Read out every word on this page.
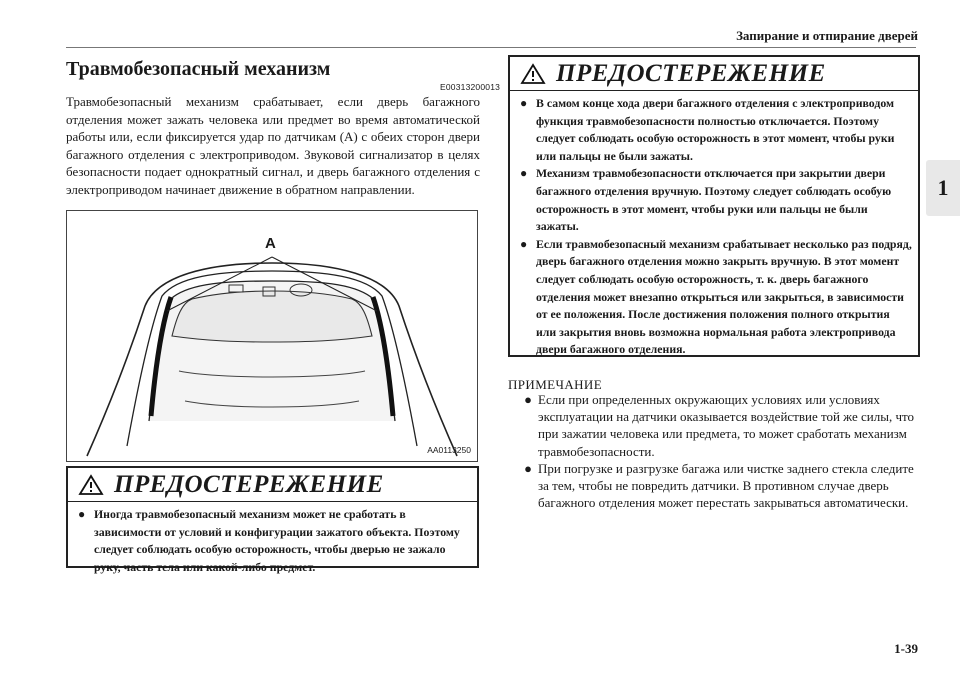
Запирание и отпирание дверей
1
Травмобезопасный механизм
E00313200013
Травмобезопасный механизм срабатывает, если дверь багажного отделения может зажать человека или предмет во время автоматической работы или, если фиксируется удар по датчикам (A) с обеих сторон двери багажного отделения с электроприводом. Звуковой сигнализатор в целях безопасности подает однократный сигнал, и дверь багажного отделения с электроприводом начинает движение в обратном направлении.
A
AA0113250
ПРЕДОСТЕРЕЖЕНИЕ
● Иногда травмобезопасный механизм может не сработать в зависимости от условий и конфигурации зажатого объекта. Поэтому следует соблюдать особую осторожность, чтобы дверью не зажало руку, часть тела или какой-либо предмет.
ПРЕДОСТЕРЕЖЕНИЕ
● В самом конце хода двери багажного отделения с электроприводом функция травмобезопасности полностью отключается. Поэтому следует соблюдать особую осторожность в этот момент, чтобы руки или пальцы не были зажаты.
● Механизм травмобезопасности отключается при закрытии двери багажного отделения вручную. Поэтому следует соблюдать особую осторожность в этот момент, чтобы руки или пальцы не были зажаты.
● Если травмобезопасный механизм срабатывает несколько раз подряд, дверь багажного отделения можно закрыть вручную. В этот момент следует соблюдать особую осторожность, т. к. дверь багажного отделения может внезапно открыться или закрыться, в зависимости от ее положения. После достижения положения полного открытия или закрытия вновь возможна нормальная работа электропривода двери багажного отделения.
ПРИМЕЧАНИЕ
● Если при определенных окружающих условиях или условиях эксплуатации на датчики оказывается воздействие той же силы, что при зажатии человека или предмета, то может сработать механизм травмобезопасности.
● При погрузке и разгрузке багажа или чистке заднего стекла следите за тем, чтобы не повредить датчики. В противном случае дверь багажного отделения может перестать закрываться автоматически.
1-39
